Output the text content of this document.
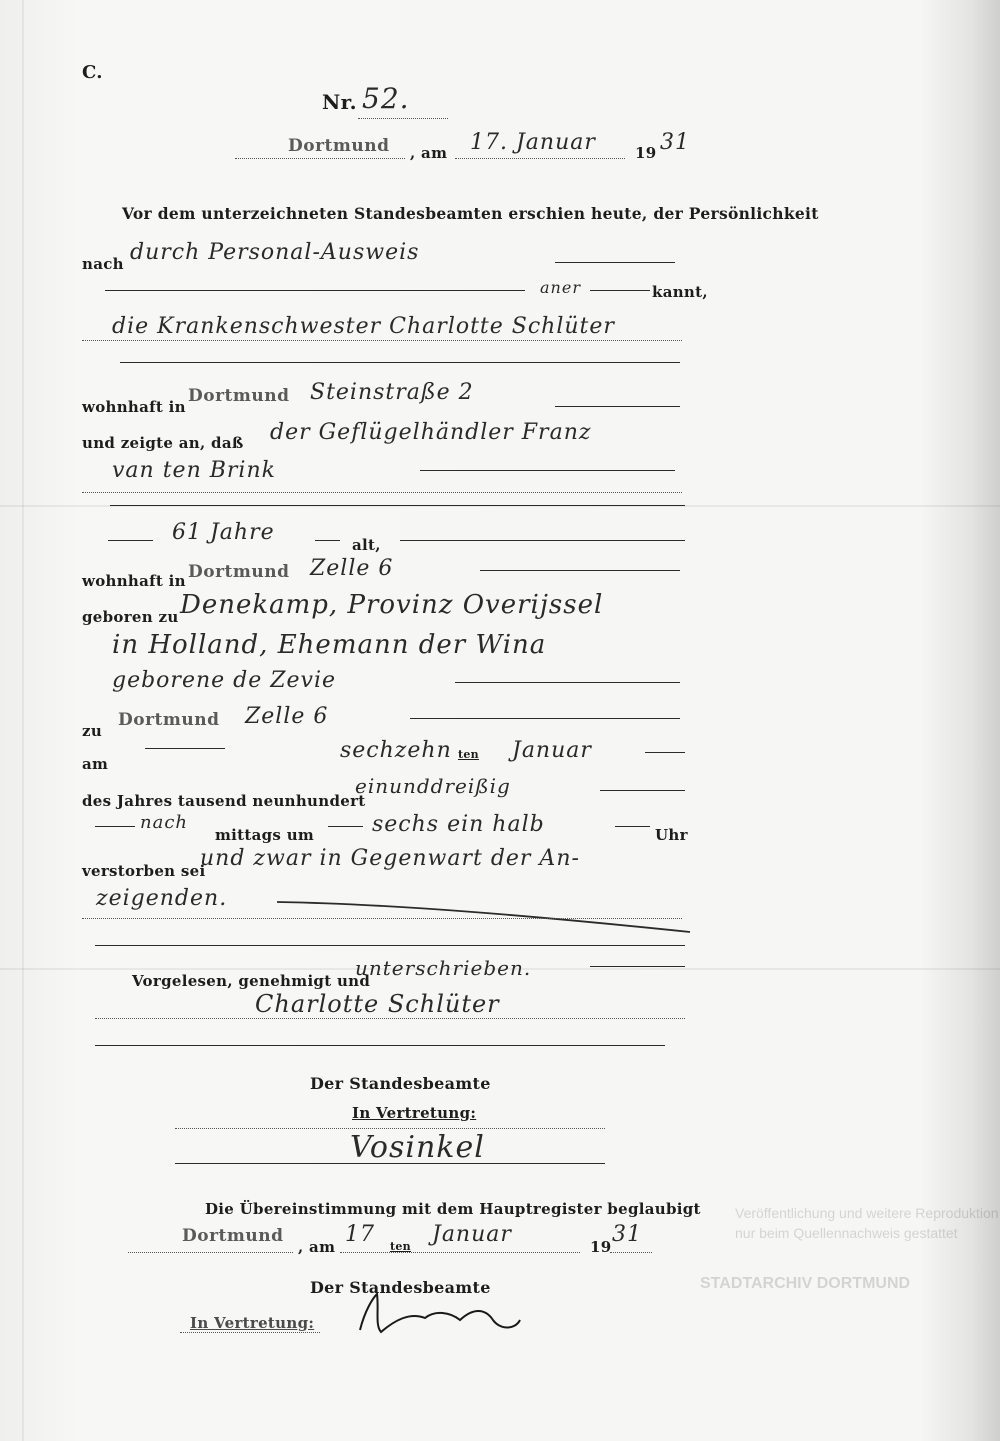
Veröffentlichung und weitere Reproduktion
nur beim Quellennachweis gestattet
STADTARCHIV DORTMUND
C.
Nr. 52.
Dortmund , am 17. Januar	19 31
Vor dem unterzeichneten Standesbeamten erschien heute, der Persönlichkeit
nach durch Personal-Ausweis
aner	kannt,
die Krankenschwester Charlotte Schlüter
wohnhaft in
Dortmund Steinstraße 2
und zeigte an, daß der Geflügelhändler Franz
van ten Brink
61 Jahre	alt,
wohnhaft in Dortmund Zelle 6
geboren zu Denekamp, Provinz Overijssel
in Holland, Ehemann der Wina
geborene de Zevie
zu
Dortmund Zelle 6
am
sechzehn ten Januar
des Jahres tausend neunhundert
einunddreißig
nach
mittags um	sechs ein halb	Uhr
verstorben sei
und zwar in Gegenwart der An-
zeigenden.
Vorgelesen, genehmigt und
unterschrieben.
Charlotte Schlüter
Der Standesbeamte
In Vertretung:
Vosinkel
Die Übereinstimmung mit dem Hauptregister beglaubigt
Dortmund
, am 17 ten Januar	19 31
Der Standesbeamte
In Vertretung:
